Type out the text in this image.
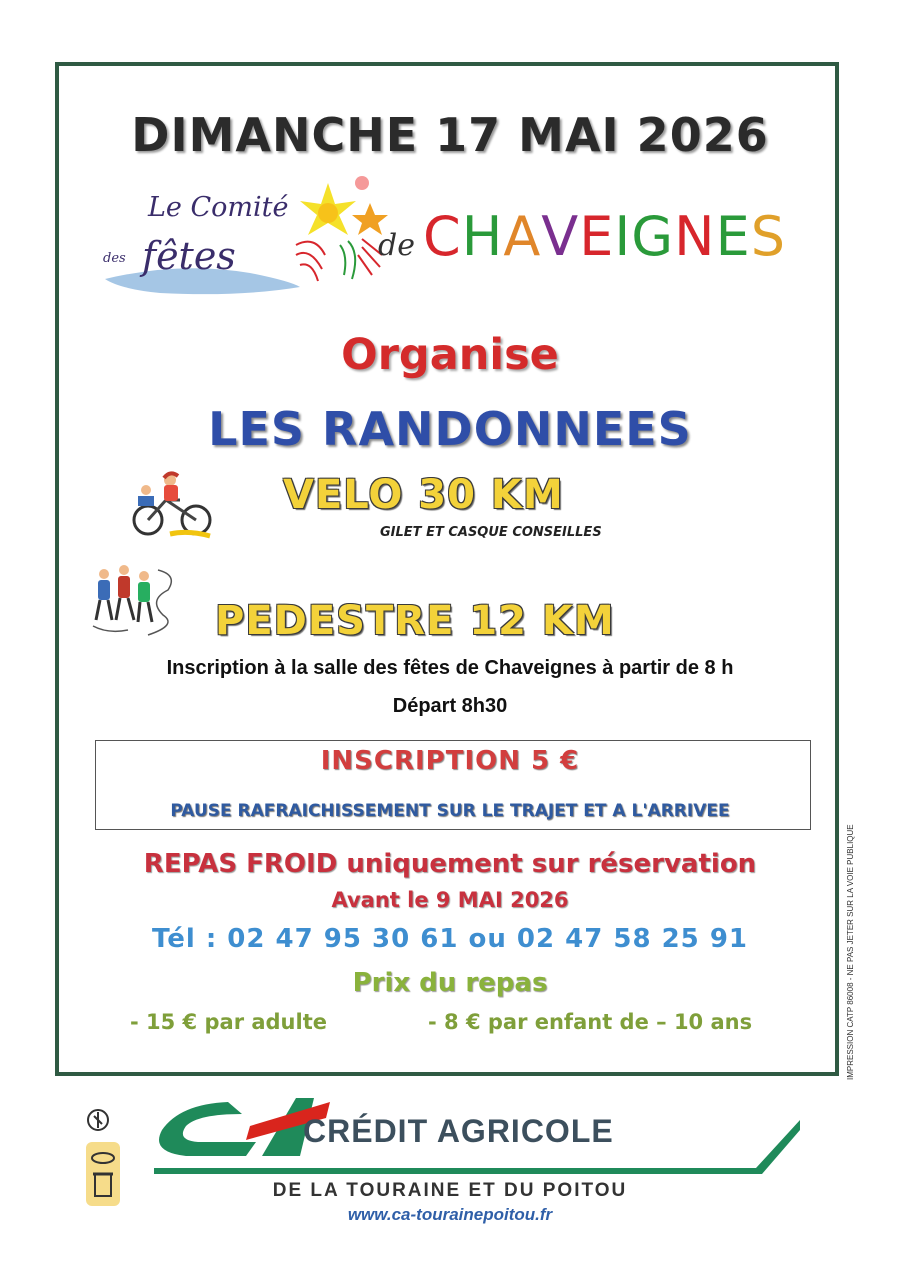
DIMANCHE 17 MAI 2026
Le Comité
des fêtes	de CHAVEIGNES
Organise
LES RANDONNEES
VELO 30 KM
GILET ET CASQUE CONSEILLES
PEDESTRE 12 KM
Inscription à la salle des fêtes de Chaveignes à partir de 8 h
Départ 8h30
INSCRIPTION 5 €
PAUSE RAFRAICHISSEMENT SUR LE TRAJET ET A L'ARRIVEE
REPAS FROID uniquement sur réservation
Avant le 9 MAI 2026
Tél : 02 47 95 30 61 ou 02 47 58 25 91
Prix du repas
- 15 € par adulte	- 8 € par enfant de – 10 ans	IMPRESSION CATP 86008 - NE PAS JETER SUR LA VOIE PUBLIQUE
CRÉDIT AGRICOLE
DE LA TOURAINE ET DU POITOU
www.ca-tourainepoitou.fr
